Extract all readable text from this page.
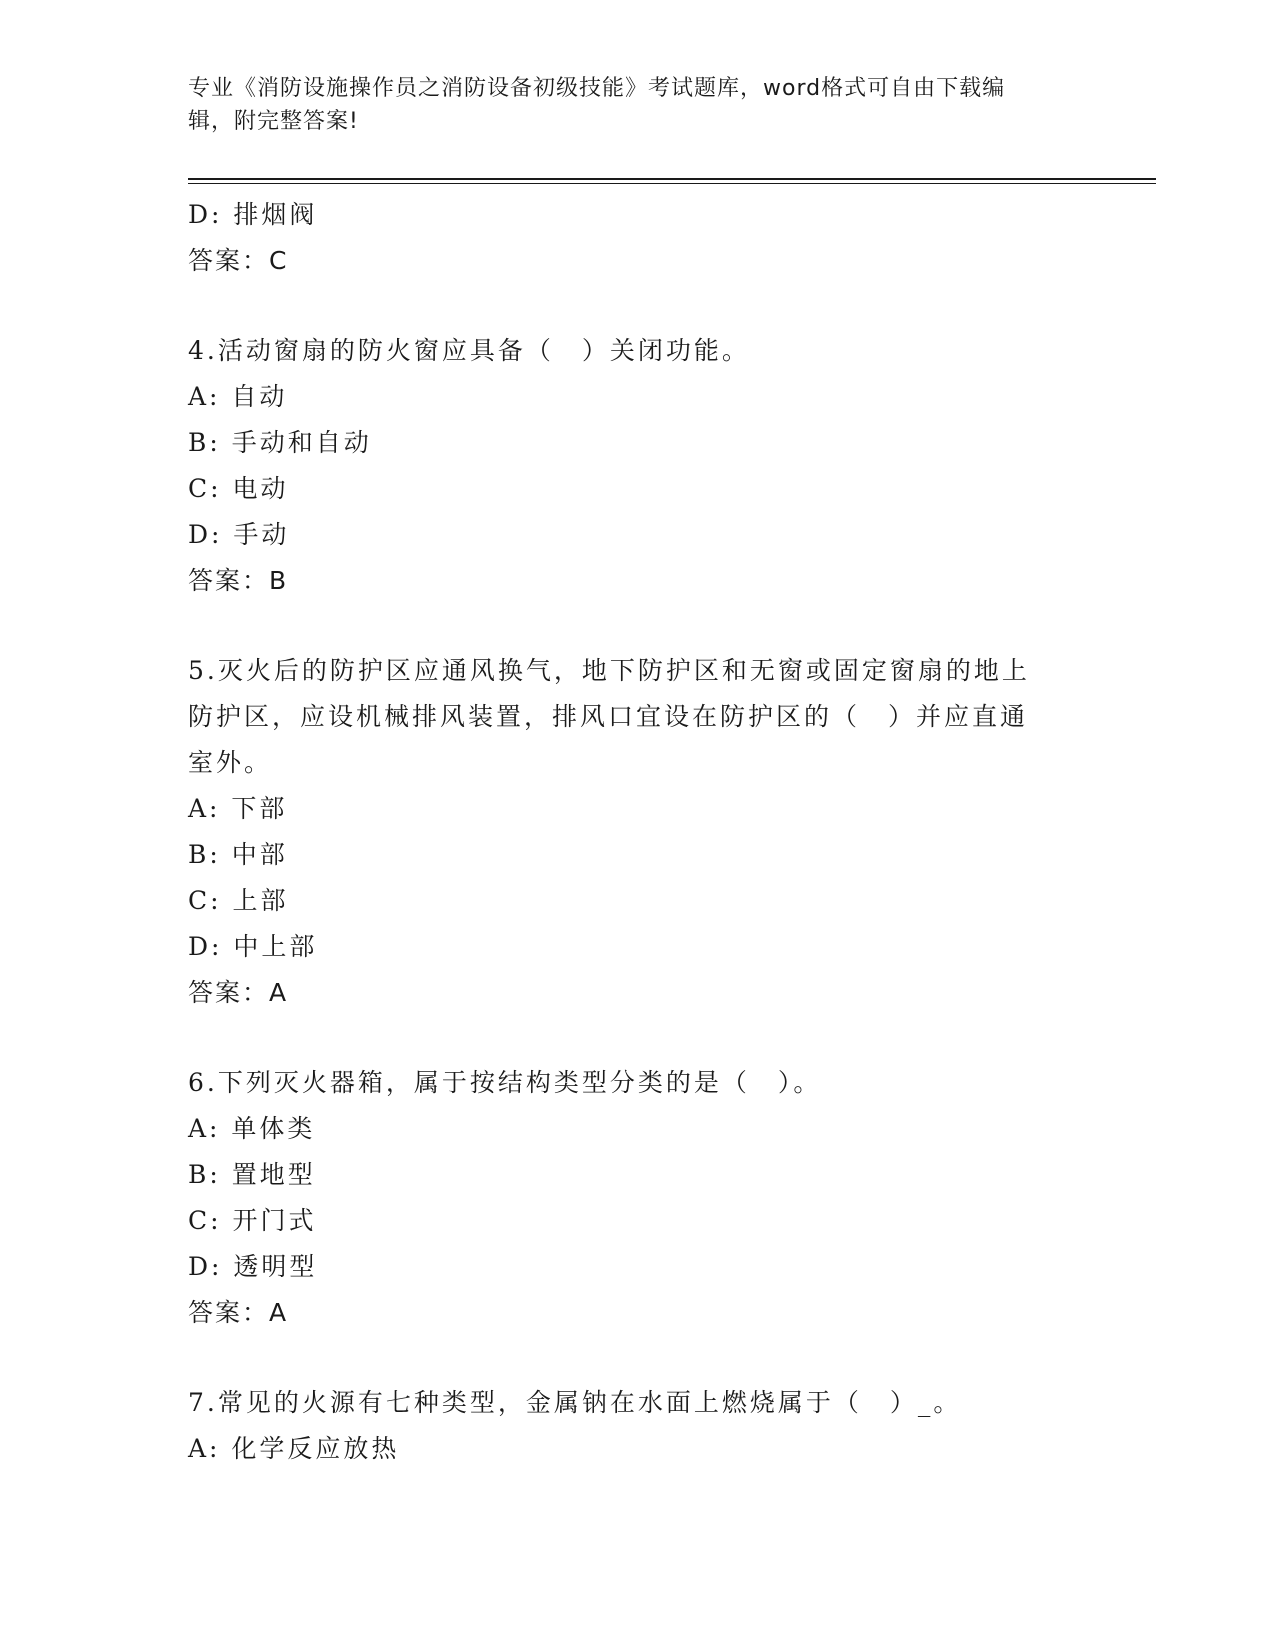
专业《消防设施操作员之消防设备初级技能》考试题库，word格式可自由下载编
辑，附完整答案!
D: 排烟阀
答案：C
4.活动窗扇的防火窗应具备（　）关闭功能。
A: 自动
B: 手动和自动
C: 电动
D: 手动
答案：B
5.灭火后的防护区应通风换气，地下防护区和无窗或固定窗扇的地上
防护区，应设机械排风装置，排风口宜设在防护区的（　）并应直通
室外。
A: 下部
B: 中部
C: 上部
D: 中上部
答案：A
6.下列灭火器箱，属于按结构类型分类的是（　）。
A: 单体类
B: 置地型
C: 开门式
D: 透明型
答案：A
7.常见的火源有七种类型，金属钠在水面上燃烧属于（　）_。
A: 化学反应放热
